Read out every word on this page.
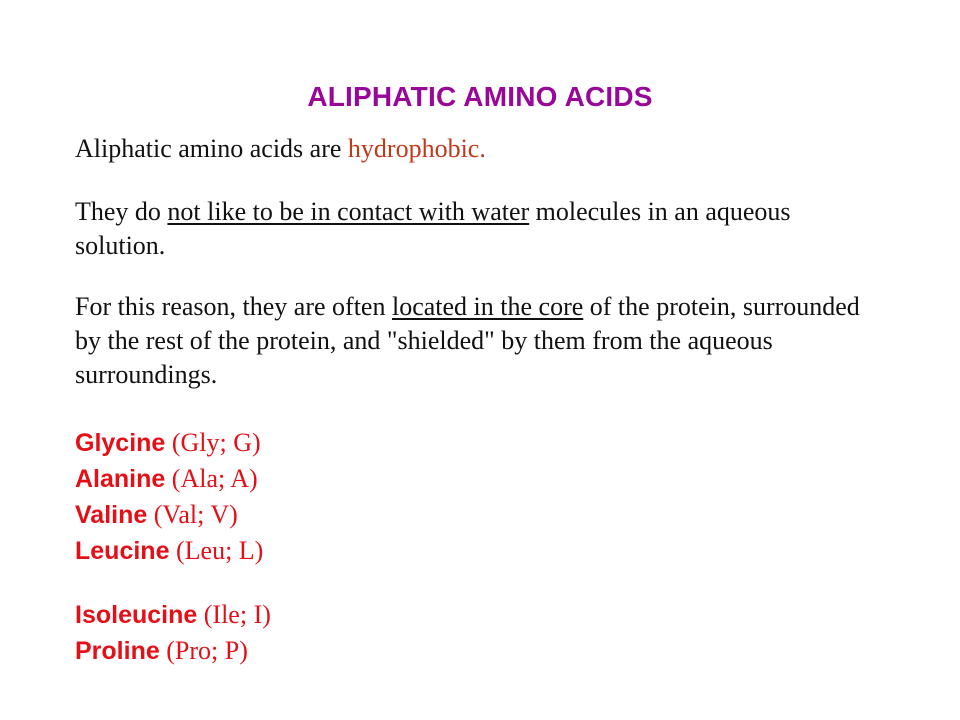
ALIPHATIC AMINO ACIDS

Aliphatic amino acids are hydrophobic.

They do not like to be in contact with water molecules in an aqueous solution.

For this reason, they are often located in the core of the protein, surrounded by the rest of the protein, and "shielded" by them from the aqueous surroundings.

Glycine (Gly; G)
Alanine (Ala; A)
Valine (Val; V)
Leucine (Leu; L)
Isoleucine (Ile; I)
Proline (Pro; P)
